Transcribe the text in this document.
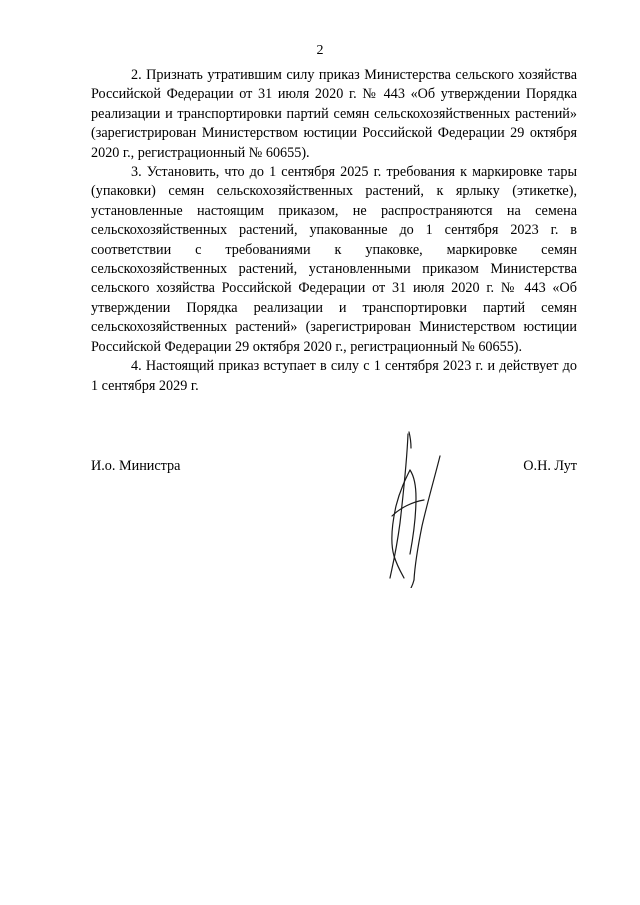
2

2. Признать утратившим силу приказ Министерства сельского хозяйства Российской Федерации от 31 июля 2020 г. № 443 «Об утверждении Порядка реализации и транспортировки партий семян сельскохозяйственных растений» (зарегистрирован Министерством юстиции Российской Федерации 29 октября 2020 г., регистрационный № 60655).

3. Установить, что до 1 сентября 2025 г. требования к маркировке тары (упаковки) семян сельскохозяйственных растений, к ярлыку (этикетке), установленные настоящим приказом, не распространяются на семена сельскохозяйственных растений, упакованные до 1 сентября 2023 г. в соответствии с требованиями к упаковке, маркировке семян сельскохозяйственных растений, установленными приказом Министерства сельского хозяйства Российской Федерации от 31 июля 2020 г. № 443 «Об утверждении Порядка реализации и транспортировки партий семян сельскохозяйственных растений» (зарегистрирован Министерством юстиции Российской Федерации 29 октября 2020 г., регистрационный № 60655).

4. Настоящий приказ вступает в силу с 1 сентября 2023 г. и действует до 1 сентября 2029 г.

И.о. Министра	О.Н. Лут
